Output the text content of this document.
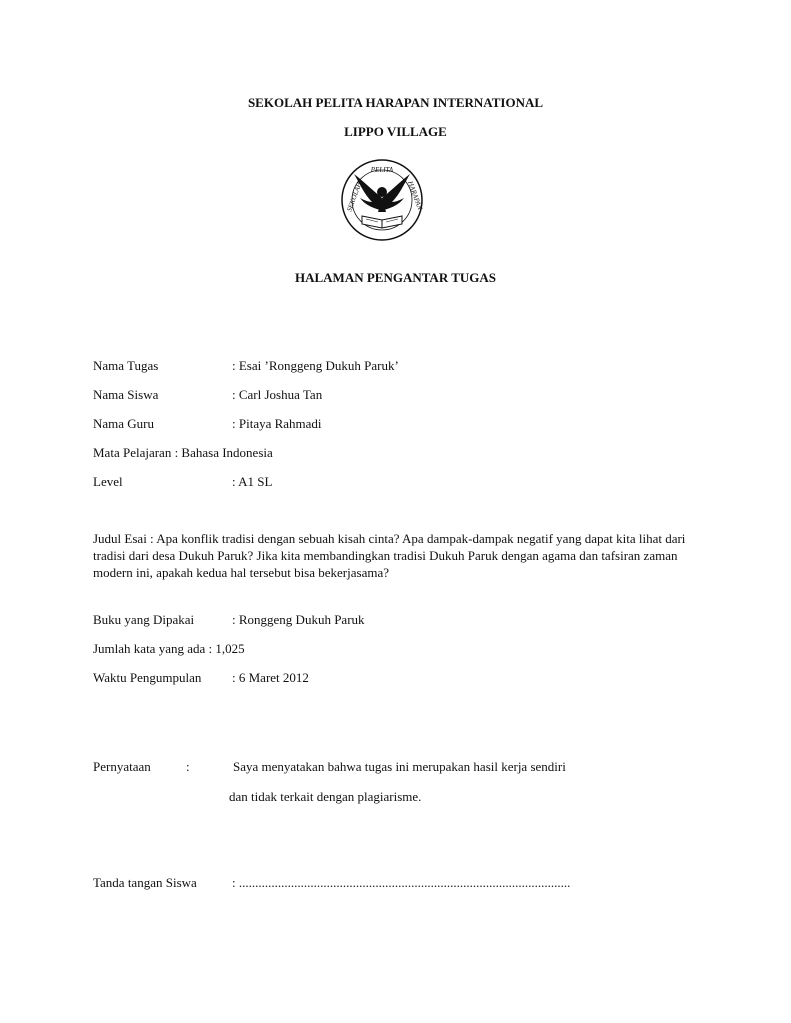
SEKOLAH PELITA HARAPAN INTERNATIONAL
LIPPO VILLAGE
PELITA
SEKOLAH	HARAPAN
HALAMAN PENGANTAR TUGAS
Nama Tugas	: Esai ’Ronggeng Dukuh Paruk’
Nama Siswa	: Carl Joshua Tan
Nama Guru	: Pitaya Rahmadi
Mata Pelajaran : Bahasa Indonesia
Level	: A1 SL
Judul Esai : Apa konflik tradisi dengan sebuah kisah cinta? Apa dampak-dampak negatif yang dapat kita lihat dari tradisi dari desa Dukuh Paruk? Jika kita membandingkan tradisi Dukuh Paruk dengan agama dan tafsiran zaman modern ini, apakah kedua hal tersebut bisa bekerjasama?
Buku yang Dipakai	: Ronggeng Dukuh Paruk
Jumlah kata yang ada : 1,025
Waktu Pengumpulan : 6 Maret 2012
Pernyataan	:	Saya menyatakan bahwa tugas ini merupakan hasil kerja sendiri
dan tidak terkait dengan plagiarisme.
Tanda tangan Siswa	: ......................................................................................................
